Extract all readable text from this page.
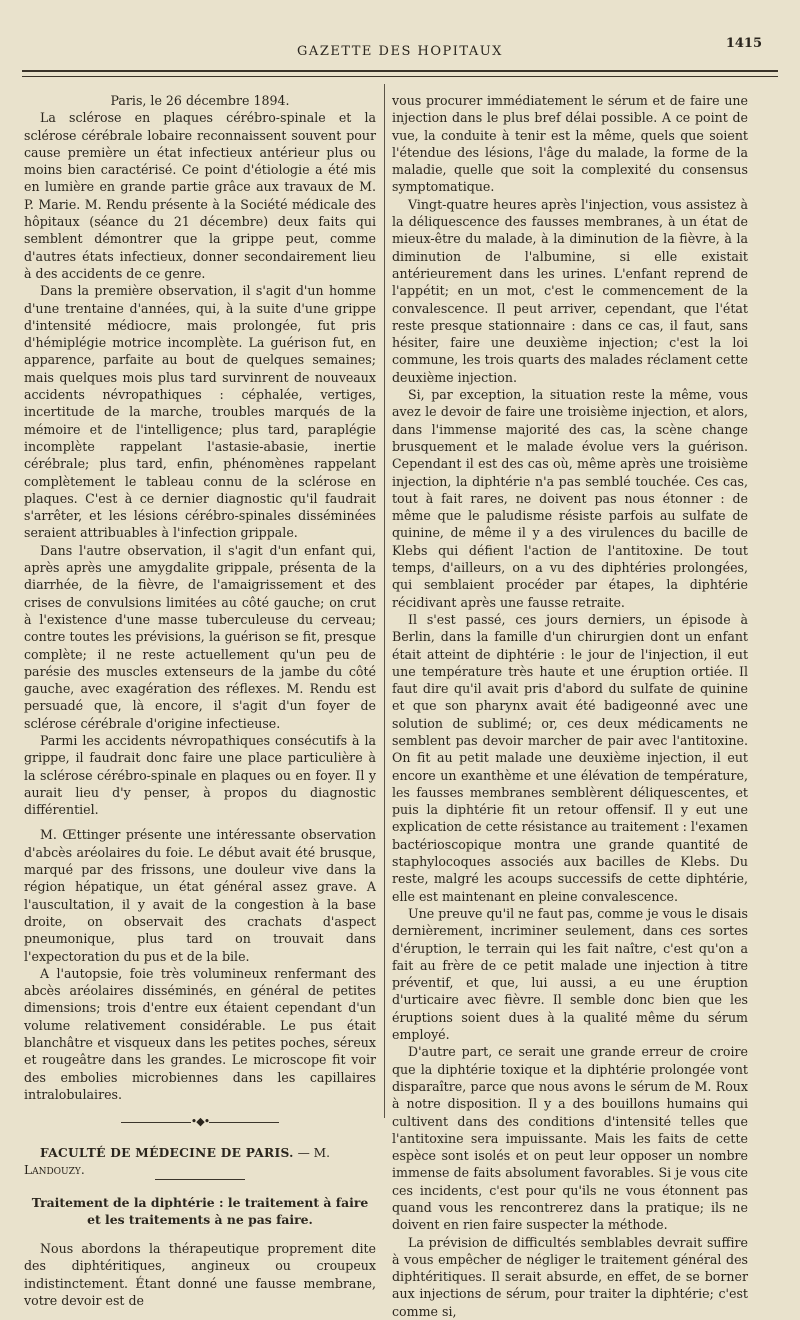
GAZETTE DES HOPITAUX
1415

Paris, le 26 décembre 1894.

La sclérose en plaques cérébro-spinale et la sclérose cérébrale lobaire reconnaissent souvent pour cause première un état infectieux antérieur plus ou moins bien caractérisé. Ce point d'étiologie a été mis en lumière en grande partie grâce aux travaux de M. P. Marie. M. Rendu présente à la Société médicale des hôpitaux (séance du 21 décembre) deux faits qui semblent démontrer que la grippe peut, comme d'autres états infectieux, donner secondairement lieu à des accidents de ce genre.

Dans la première observation, il s'agit d'un homme d'une trentaine d'années, qui, à la suite d'une grippe d'intensité médiocre, mais prolongée, fut pris d'hémiplégie motrice incomplète. La guérison fut, en apparence, parfaite au bout de quelques semaines; mais quelques mois plus tard survinrent de nouveaux accidents névropathiques : céphalée, vertiges, incertitude de la marche, troubles marqués de la mémoire et de l'intelligence; plus tard, paraplégie incomplète rappelant l'astasie-abasie, inertie cérébrale; plus tard, enfin, phénomènes rappelant complètement le tableau connu de la sclérose en plaques. C'est à ce dernier diagnostic qu'il faudrait s'arrêter, et les lésions cérébro-spinales disséminées seraient attribuables à l'infection grippale.

Dans l'autre observation, il s'agit d'un enfant qui, après après une amygdalite grippale, présenta de la diarrhée, de la fièvre, de l'amaigrissement et des crises de convulsions limitées au côté gauche; on crut à l'existence d'une masse tuberculeuse du cerveau; contre toutes les prévisions, la guérison se fit, presque complète; il ne reste actuellement qu'un peu de parésie des muscles extenseurs de la jambe du côté gauche, avec exagération des réflexes. M. Rendu est persuadé que, là encore, il s'agit d'un foyer de sclérose cérébrale d'origine infectieuse.

Parmi les accidents névropathiques consécutifs à la grippe, il faudrait donc faire une place particulière à la sclérose cérébro-spinale en plaques ou en foyer. Il y aurait lieu d'y penser, à propos du diagnostic différentiel.

M. Œttinger présente une intéressante observation d'abcès aréolaires du foie. Le début avait été brusque, marqué par des frissons, une douleur vive dans la région hépatique, un état général assez grave. A l'auscultation, il y avait de la congestion à la base droite, on observait des crachats d'aspect pneumonique, plus tard on trouvait dans l'expectoration du pus et de la bile.

A l'autopsie, foie très volumineux renfermant des abcès aréolaires disséminés, en général de petites dimensions; trois d'entre eux étaient cependant d'un volume relativement considérable. Le pus était blanchâtre et visqueux dans les petites poches, séreux et rougeâtre dans les grandes. Le microscope fit voir des embolies microbiennes dans les capillaires intralobulaires.

•◆•

FACULTÉ DE MÉDECINE DE PARIS. — M. Landouzy.

Traitement de la diphtérie : le traitement à faire
et les traitements à ne pas faire.

Nous abordons la thérapeutique proprement dite des diphtéritiques, angineux ou croupeux indistinctement. Étant donné une fausse membrane, votre devoir est de

vous procurer immédiatement le sérum et de faire une injection dans le plus bref délai possible. A ce point de vue, la conduite à tenir est la même, quels que soient l'étendue des lésions, l'âge du malade, la forme de la maladie, quelle que soit la complexité du consensus symptomatique.

Vingt-quatre heures après l'injection, vous assistez à la déliquescence des fausses membranes, à un état de mieux-être du malade, à la diminution de la fièvre, à la diminution de l'albumine, si elle existait antérieurement dans les urines. L'enfant reprend de l'appétit; en un mot, c'est le commencement de la convalescence. Il peut arriver, cependant, que l'état reste presque stationnaire : dans ce cas, il faut, sans hésiter, faire une deuxième injection; c'est la loi commune, les trois quarts des malades réclament cette deuxième injection.

Si, par exception, la situation reste la même, vous avez le devoir de faire une troisième injection, et alors, dans l'immense majorité des cas, la scène change brusquement et le malade évolue vers la guérison. Cependant il est des cas où, même après une troisième injection, la diphtérie n'a pas semblé touchée. Ces cas, tout à fait rares, ne doivent pas nous étonner : de même que le paludisme résiste parfois au sulfate de quinine, de même il y a des virulences du bacille de Klebs qui défient l'action de l'antitoxine. De tout temps, d'ailleurs, on a vu des diphtéries prolongées, qui semblaient procéder par étapes, la diphtérie récidivant après une fausse retraite.

Il s'est passé, ces jours derniers, un épisode à Berlin, dans la famille d'un chirurgien dont un enfant était atteint de diphtérie : le jour de l'injection, il eut une température très haute et une éruption ortiée. Il faut dire qu'il avait pris d'abord du sulfate de quinine et que son pharynx avait été badigeonné avec une solution de sublimé; or, ces deux médicaments ne semblent pas devoir marcher de pair avec l'antitoxine. On fit au petit malade une deuxième injection, il eut encore un exanthème et une élévation de température, les fausses membranes semblèrent déliquescentes, et puis la diphtérie fit un retour offensif. Il y eut une explication de cette résistance au traitement : l'examen bactérioscopique montra une grande quantité de staphylocoques associés aux bacilles de Klebs. Du reste, malgré les acoups successifs de cette diphtérie, elle est maintenant en pleine convalescence.

Une preuve qu'il ne faut pas, comme je vous le disais dernièrement, incriminer seulement, dans ces sortes d'éruption, le terrain qui les fait naître, c'est qu'on a fait au frère de ce petit malade une injection à titre préventif, et que, lui aussi, a eu une éruption d'urticaire avec fièvre. Il semble donc bien que les éruptions soient dues à la qualité même du sérum employé.

D'autre part, ce serait une grande erreur de croire que la diphtérie toxique et la diphtérie prolongée vont disparaître, parce que nous avons le sérum de M. Roux à notre disposition. Il y a des bouillons humains qui cultivent dans des conditions d'intensité telles que l'antitoxine sera impuissante. Mais les faits de cette espèce sont isolés et on peut leur opposer un nombre immense de faits absolument favorables. Si je vous cite ces incidents, c'est pour qu'ils ne vous étonnent pas quand vous les rencontrerez dans la pratique; ils ne doivent en rien faire suspecter la méthode.

La prévision de difficultés semblables devrait suffire à vous empêcher de négliger le traitement général des diphtéritiques. Il serait absurde, en effet, de se borner aux injections de sérum, pour traiter la diphtérie; c'est comme si,
